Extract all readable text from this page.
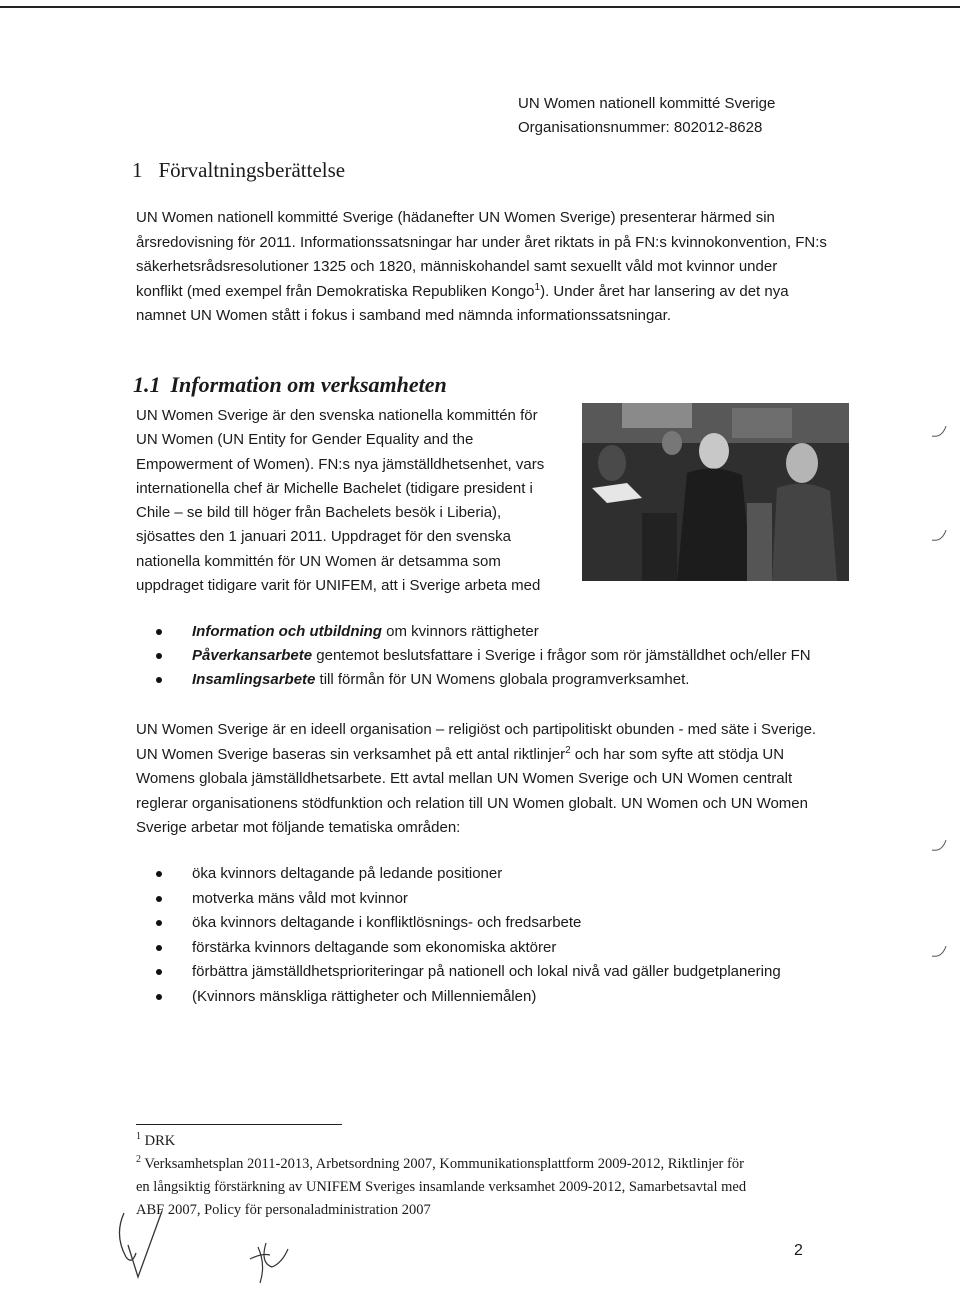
UN Women nationell kommitté Sverige
Organisationsnummer: 802012-8628
1 Förvaltningsberättelse
UN Women nationell kommitté Sverige (hädanefter UN Women Sverige) presenterar härmed sin
årsredovisning för 2011. Informationssatsningar har under året riktats in på FN:s kvinnokonvention, FN:s
säkerhetsrådsresolutioner 1325 och 1820, människohandel samt sexuellt våld mot kvinnor under
konflikt (med exempel från Demokratiska Republiken Kongo$^1$). Under året har lansering av det nya
namnet UN Women stått i fokus i samband med nämnda informationssatsningar.
1.1 Information om verksamheten
UN Women Sverige är den svenska nationella kommittén för
UN Women (UN Entity for Gender Equality and the
Empowerment of Women). FN:s nya jämställdhetsenhet, vars
internationella chef är Michelle Bachelet (tidigare president i
Chile – se bild till höger från Bachelets besök i Liberia),
sjösattes den 1 januari 2011. Uppdraget för den svenska
nationella kommittén för UN Women är detsamma som
uppdraget tidigare varit för UNIFEM, att i Sverige arbeta med
Information och utbildning om kvinnors rättigheter
Påverkansarbete gentemot beslutsfattare i Sverige i frågor som rör jämställdhet och/eller FN
Insamlingsarbete till förmån för UN Womens globala programverksamhet.
UN Women Sverige är en ideell organisation – religiöst och partipolitiskt obunden - med säte i Sverige.
UN Women Sverige baseras sin verksamhet på ett antal riktlinjer$^2$ och har som syfte att stödja UN
Womens globala jämställdhetsarbete. Ett avtal mellan UN Women Sverige och UN Women centralt
reglerar organisationens stödfunktion och relation till UN Women globalt. UN Women och UN Women
Sverige arbetar mot följande tematiska områden:
öka kvinnors deltagande på ledande positioner
motverka mäns våld mot kvinnor
öka kvinnors deltagande i konfliktlösnings- och fredsarbete
förstärka kvinnors deltagande som ekonomiska aktörer
förbättra jämställdhetsprioriteringar på nationell och lokal nivå vad gäller budgetplanering
(Kvinnors mänskliga rättigheter och Millenniemålen)
$^1$ DRK
$^2$ Verksamhetsplan 2011-2013, Arbetsordning 2007, Kommunikationsplattform 2009-2012, Riktlinjer för
en långsiktig förstärkning av UNIFEM Sveriges insamlande verksamhet 2009-2012, Samarbetsavtal med
ABF 2007, Policy för personaladministration 2007
2
